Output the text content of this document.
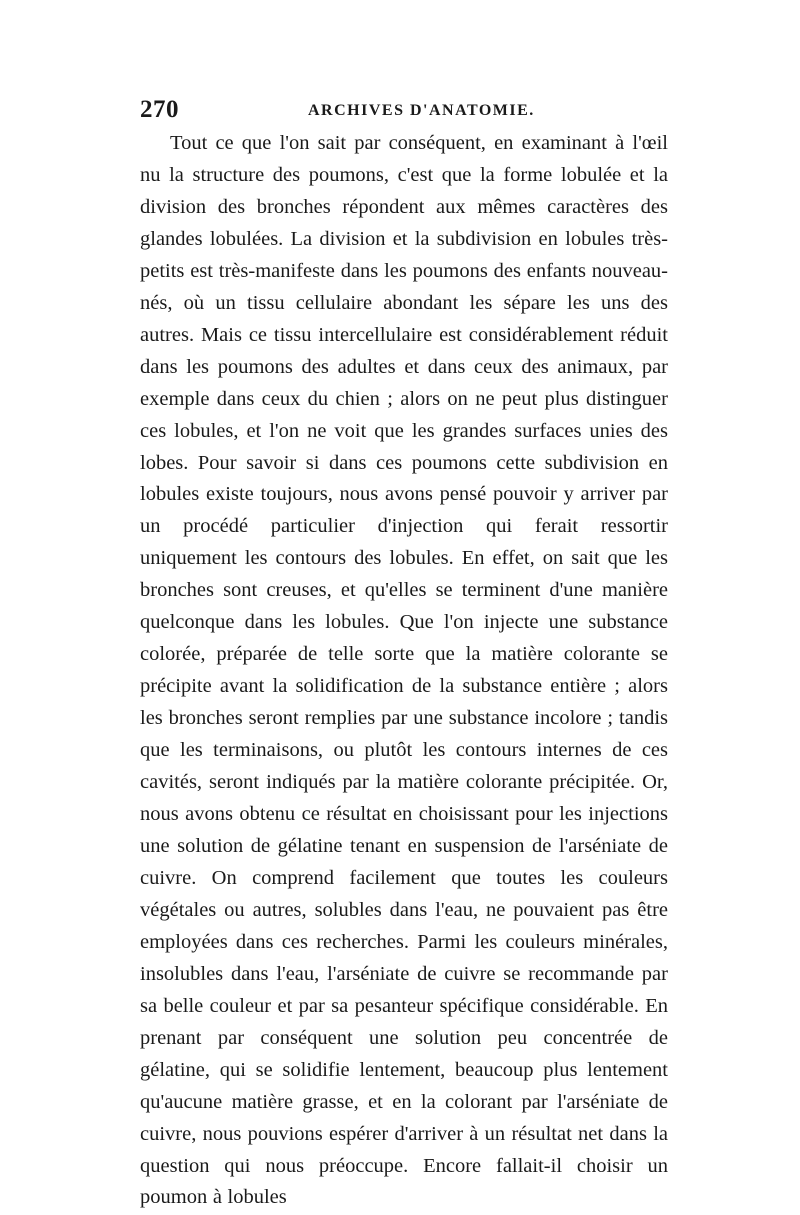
270	ARCHIVES D'ANATOMIE.

Tout ce que l'on sait par conséquent, en examinant à l'œil nu la structure des poumons, c'est que la forme lobulée et la division des bronches répondent aux mêmes caractères des glandes lobulées. La division et la subdivision en lobules très-petits est très-manifeste dans les poumons des enfants nouveau-nés, où un tissu cellulaire abondant les sépare les uns des autres. Mais ce tissu intercellulaire est considérablement réduit dans les poumons des adultes et dans ceux des animaux, par exemple dans ceux du chien ; alors on ne peut plus distinguer ces lobules, et l'on ne voit que les grandes surfaces unies des lobes. Pour savoir si dans ces poumons cette subdivision en lobules existe toujours, nous avons pensé pouvoir y arriver par un procédé particulier d'injection qui ferait ressortir uniquement les contours des lobules. En effet, on sait que les bronches sont creuses, et qu'elles se terminent d'une manière quelconque dans les lobules. Que l'on injecte une substance colorée, préparée de telle sorte que la matière colorante se précipite avant la solidification de la substance entière ; alors les bronches seront remplies par une substance incolore ; tandis que les terminaisons, ou plutôt les contours internes de ces cavités, seront indiqués par la matière colorante précipitée. Or, nous avons obtenu ce résultat en choisissant pour les injections une solution de gélatine tenant en suspension de l'arséniate de cuivre. On comprend facilement que toutes les couleurs végétales ou autres, solubles dans l'eau, ne pouvaient pas être employées dans ces recherches. Parmi les couleurs minérales, insolubles dans l'eau, l'arséniate de cuivre se recommande par sa belle couleur et par sa pesanteur spécifique considérable. En prenant par conséquent une solution peu concentrée de gélatine, qui se solidifie lentement, beaucoup plus lentement qu'aucune matière grasse, et en la colorant par l'arséniate de cuivre, nous pouvions espérer d'arriver à un résultat net dans la question qui nous préoccupe. Encore fallait-il choisir un poumon à lobules
